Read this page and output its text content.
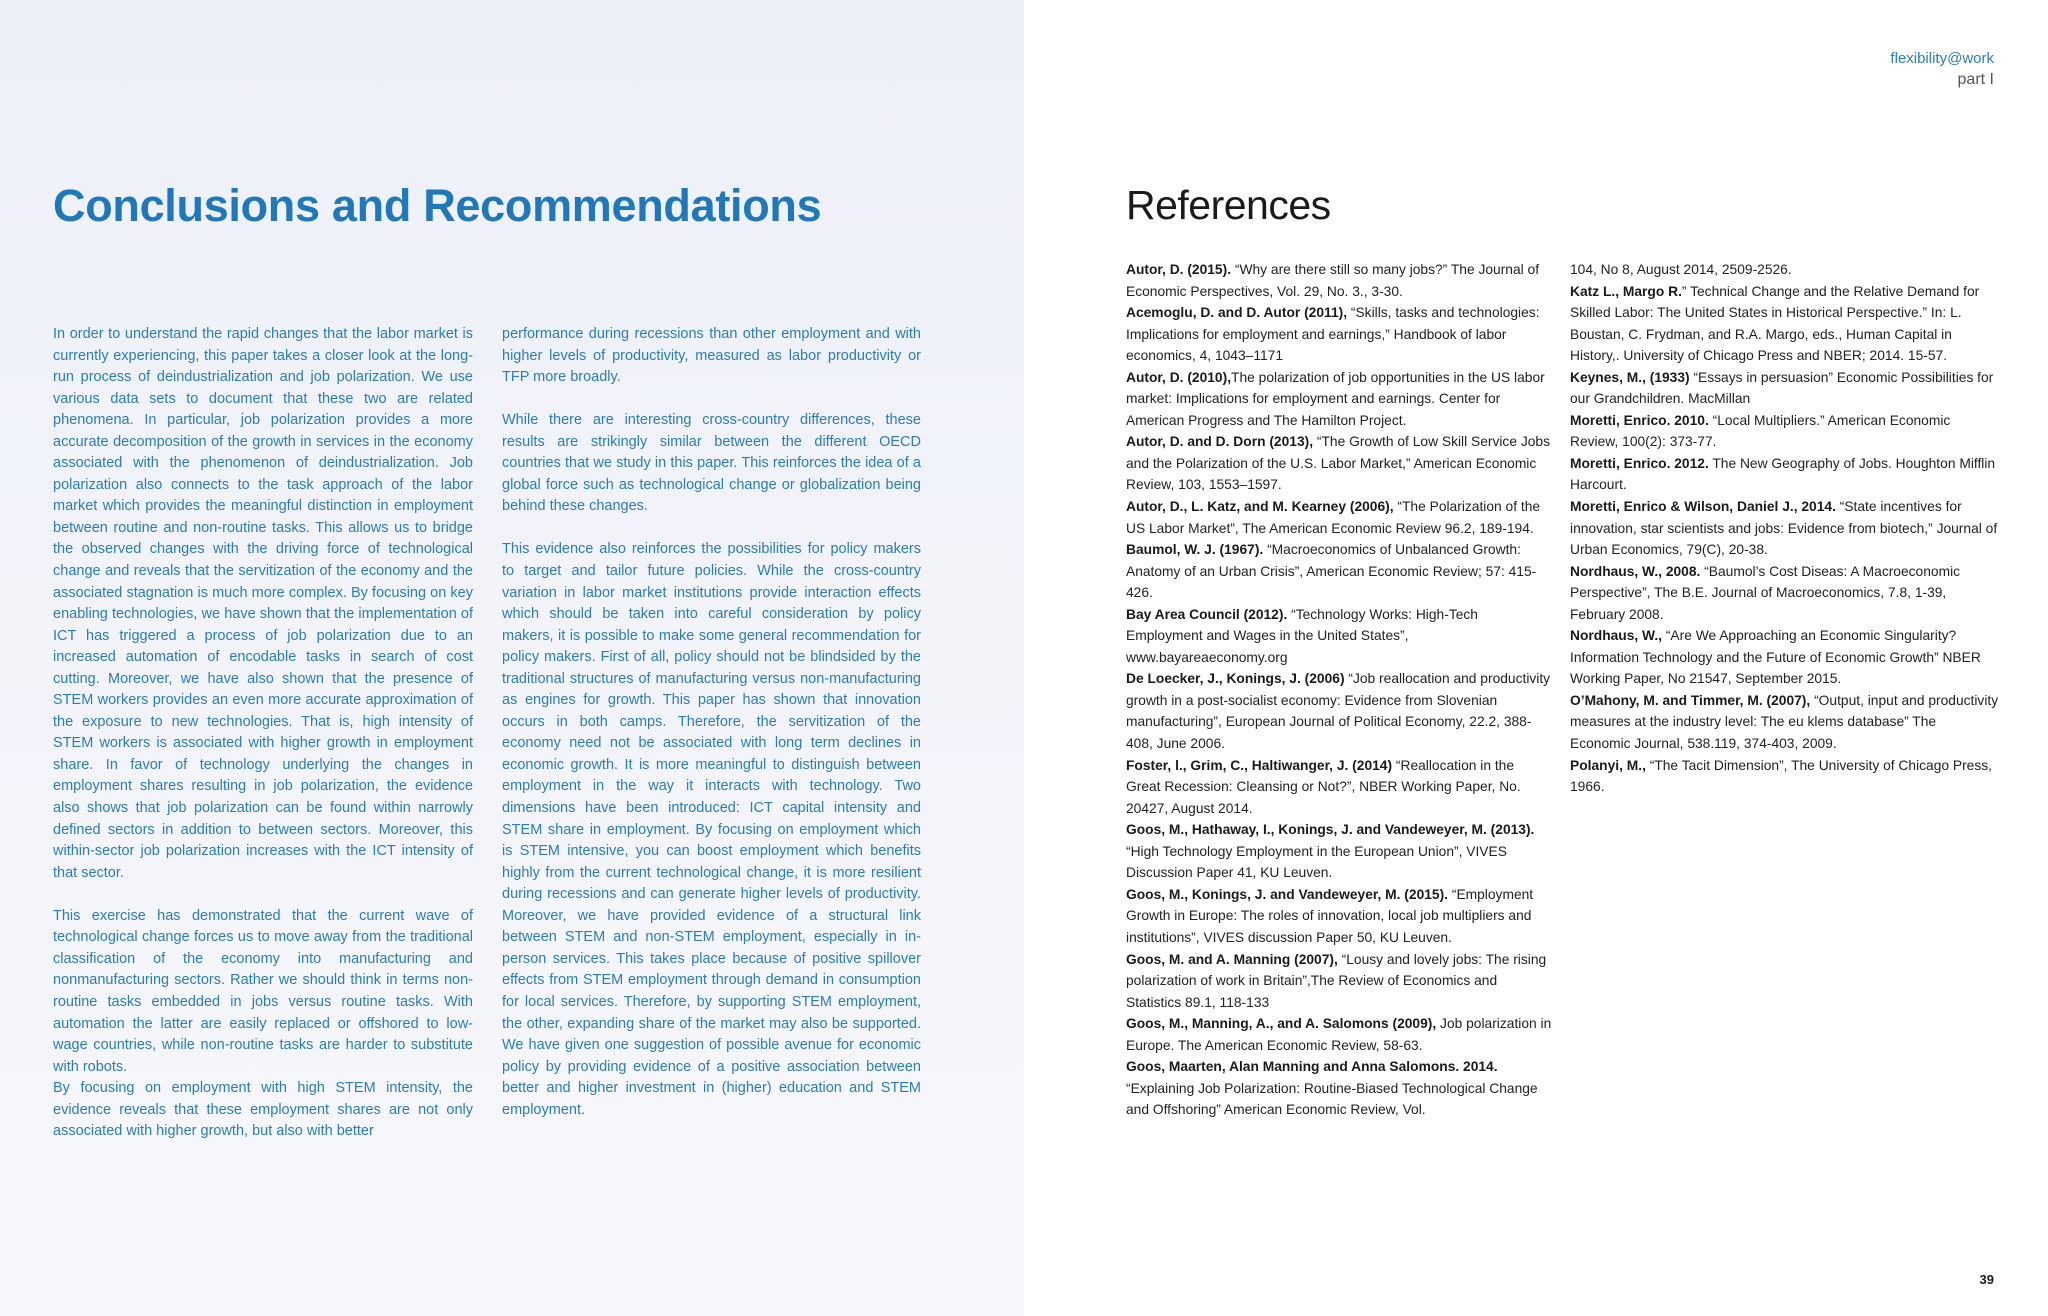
Conclusions and Recommendations

In order to understand the rapid changes that the labor market is currently experiencing, this paper takes a closer look at the long-run process of deindustrialization and job polarization. We use various data sets to document that these two are related phenomena. In particular, job polarization provides a more accurate decomposition of the growth in services in the economy associated with the phenomenon of deindustrialization. Job polarization also connects to the task approach of the labor market which provides the meaningful distinction in employment between routine and non-routine tasks. This allows us to bridge the observed changes with the driving force of technological change and reveals that the servitization of the economy and the associated stagnation is much more complex. By focusing on key enabling technologies, we have shown that the implementation of ICT has triggered a process of job polarization due to an increased automation of encodable tasks in search of cost cutting. Moreover, we have also shown that the presence of STEM workers provides an even more accurate approximation of the exposure to new technologies. That is, high intensity of STEM workers is associated with higher growth in employment share. In favor of technology underlying the changes in employment shares resulting in job polarization, the evidence also shows that job polarization can be found within narrowly defined sectors in addition to between sectors. Moreover, this within-sector job polarization increases with the ICT intensity of that sector.

This exercise has demonstrated that the current wave of technological change forces us to move away from the traditional classification of the economy into manufacturing and nonmanufacturing sectors. Rather we should think in terms non-routine tasks embedded in jobs versus routine tasks. With automation the latter are easily replaced or offshored to low-wage countries, while non-routine tasks are harder to substitute with robots.

By focusing on employment with high STEM intensity, the evidence reveals that these employment shares are not only associated with higher growth, but also with better

performance during recessions than other employment and with higher levels of productivity, measured as labor productivity or TFP more broadly.

While there are interesting cross-country differences, these results are strikingly similar between the different OECD countries that we study in this paper. This reinforces the idea of a global force such as technological change or globalization being behind these changes.

This evidence also reinforces the possibilities for policy makers to target and tailor future policies. While the cross-country variation in labor market institutions provide interaction effects which should be taken into careful consideration by policy makers, it is possible to make some general recommendation for policy makers. First of all, policy should not be blindsided by the traditional structures of manufacturing versus non-manufacturing as engines for growth. This paper has shown that innovation occurs in both camps. Therefore, the servitization of the economy need not be associated with long term declines in economic growth. It is more meaningful to distinguish between employment in the way it interacts with technology. Two dimensions have been introduced: ICT capital intensity and STEM share in employment. By focusing on employment which is STEM intensive, you can boost employment which benefits highly from the current technological change, it is more resilient during recessions and can generate higher levels of productivity. Moreover, we have provided evidence of a structural link between STEM and non-STEM employment, especially in in-person services. This takes place because of positive spillover effects from STEM employment through demand in consumption for local services. Therefore, by supporting STEM employment, the other, expanding share of the market may also be supported. We have given one suggestion of possible avenue for economic policy by providing evidence of a positive association between better and higher investment in (higher) education and STEM employment.

flexibility@work
part I
References

Autor, D. (2015). “Why are there still so many jobs?” The Journal of Economic Perspectives, Vol. 29, No. 3., 3-30.

Acemoglu, D. and D. Autor (2011), “Skills, tasks and technologies: Implications for employment and earnings,” Handbook of labor economics, 4, 1043–1171

Autor, D. (2010),The polarization of job opportunities in the US labor market: Implications for employment and earnings. Center for American Progress and The Hamilton Project.

Autor, D. and D. Dorn (2013), “The Growth of Low Skill Service Jobs and the Polarization of the U.S. Labor Market,” American Economic Review, 103, 1553–1597.

Autor, D., L. Katz, and M. Kearney (2006), “The Polarization of the US Labor Market”, The American Economic Review 96.2, 189-194.

Baumol, W. J. (1967). “Macroeconomics of Unbalanced Growth: Anatomy of an Urban Crisis”, American Economic Review; 57: 415-426.

Bay Area Council (2012). “Technology Works: High-Tech Employment and Wages in the United States”, www.bayareaeconomy.org

De Loecker, J., Konings, J. (2006) “Job reallocation and productivity growth in a post-socialist economy: Evidence from Slovenian manufacturing”, European Journal of Political Economy, 22.2, 388-408, June 2006.

Foster, l., Grim, C., Haltiwanger, J. (2014) “Reallocation in the Great Recession: Cleansing or Not?”, NBER Working Paper, No. 20427, August 2014.

Goos, M., Hathaway, I., Konings, J. and Vandeweyer, M. (2013). “High Technology Employment in the European Union”, VIVES Discussion Paper 41, KU Leuven.

Goos, M., Konings, J. and Vandeweyer, M. (2015). “Employment Growth in Europe: The roles of innovation, local job multipliers and institutions”, VIVES discussion Paper 50, KU Leuven.

Goos, M. and A. Manning (2007), “Lousy and lovely jobs: The rising polarization of work in Britain”,The Review of Economics and Statistics 89.1, 118-133

Goos, M., Manning, A., and A. Salomons (2009), Job polarization in Europe. The American Economic Review, 58-63.

Goos, Maarten, Alan Manning and Anna Salomons. 2014. “Explaining Job Polarization: Routine-Biased Technological Change and Offshoring” American Economic Review, Vol.

104, No 8, August 2014, 2509-2526.

Katz L., Margo R.” Technical Change and the Relative Demand for Skilled Labor: The United States in Historical Perspective.” In: L. Boustan, C. Frydman, and R.A. Margo, eds., Human Capital in History,. University of Chicago Press and NBER; 2014. 15-57.

Keynes, M., (1933) “Essays in persuasion” Economic Possibilities for our Grandchildren. MacMillan

Moretti, Enrico. 2010. “Local Multipliers.” American Economic Review, 100(2): 373-77.

Moretti, Enrico. 2012. The New Geography of Jobs. Houghton Mifflin Harcourt.

Moretti, Enrico & Wilson, Daniel J., 2014. “State incentives for innovation, star scientists and jobs: Evidence from biotech,” Journal of Urban Economics, 79(C), 20-38.

Nordhaus, W., 2008. “Baumol’s Cost Diseas: A Macroeconomic Perspective”, The B.E. Journal of Macroeconomics, 7.8, 1-39, February 2008.

Nordhaus, W., “Are We Approaching an Economic Singularity? Information Technology and the Future of Economic Growth” NBER Working Paper, No 21547, September 2015.

O’Mahony, M. and Timmer, M. (2007), “Output, input and productivity measures at the industry level: The eu klems database” The Economic Journal, 538.119, 374-403, 2009.

Polanyi, M., “The Tacit Dimension”, The University of Chicago Press, 1966.

39
